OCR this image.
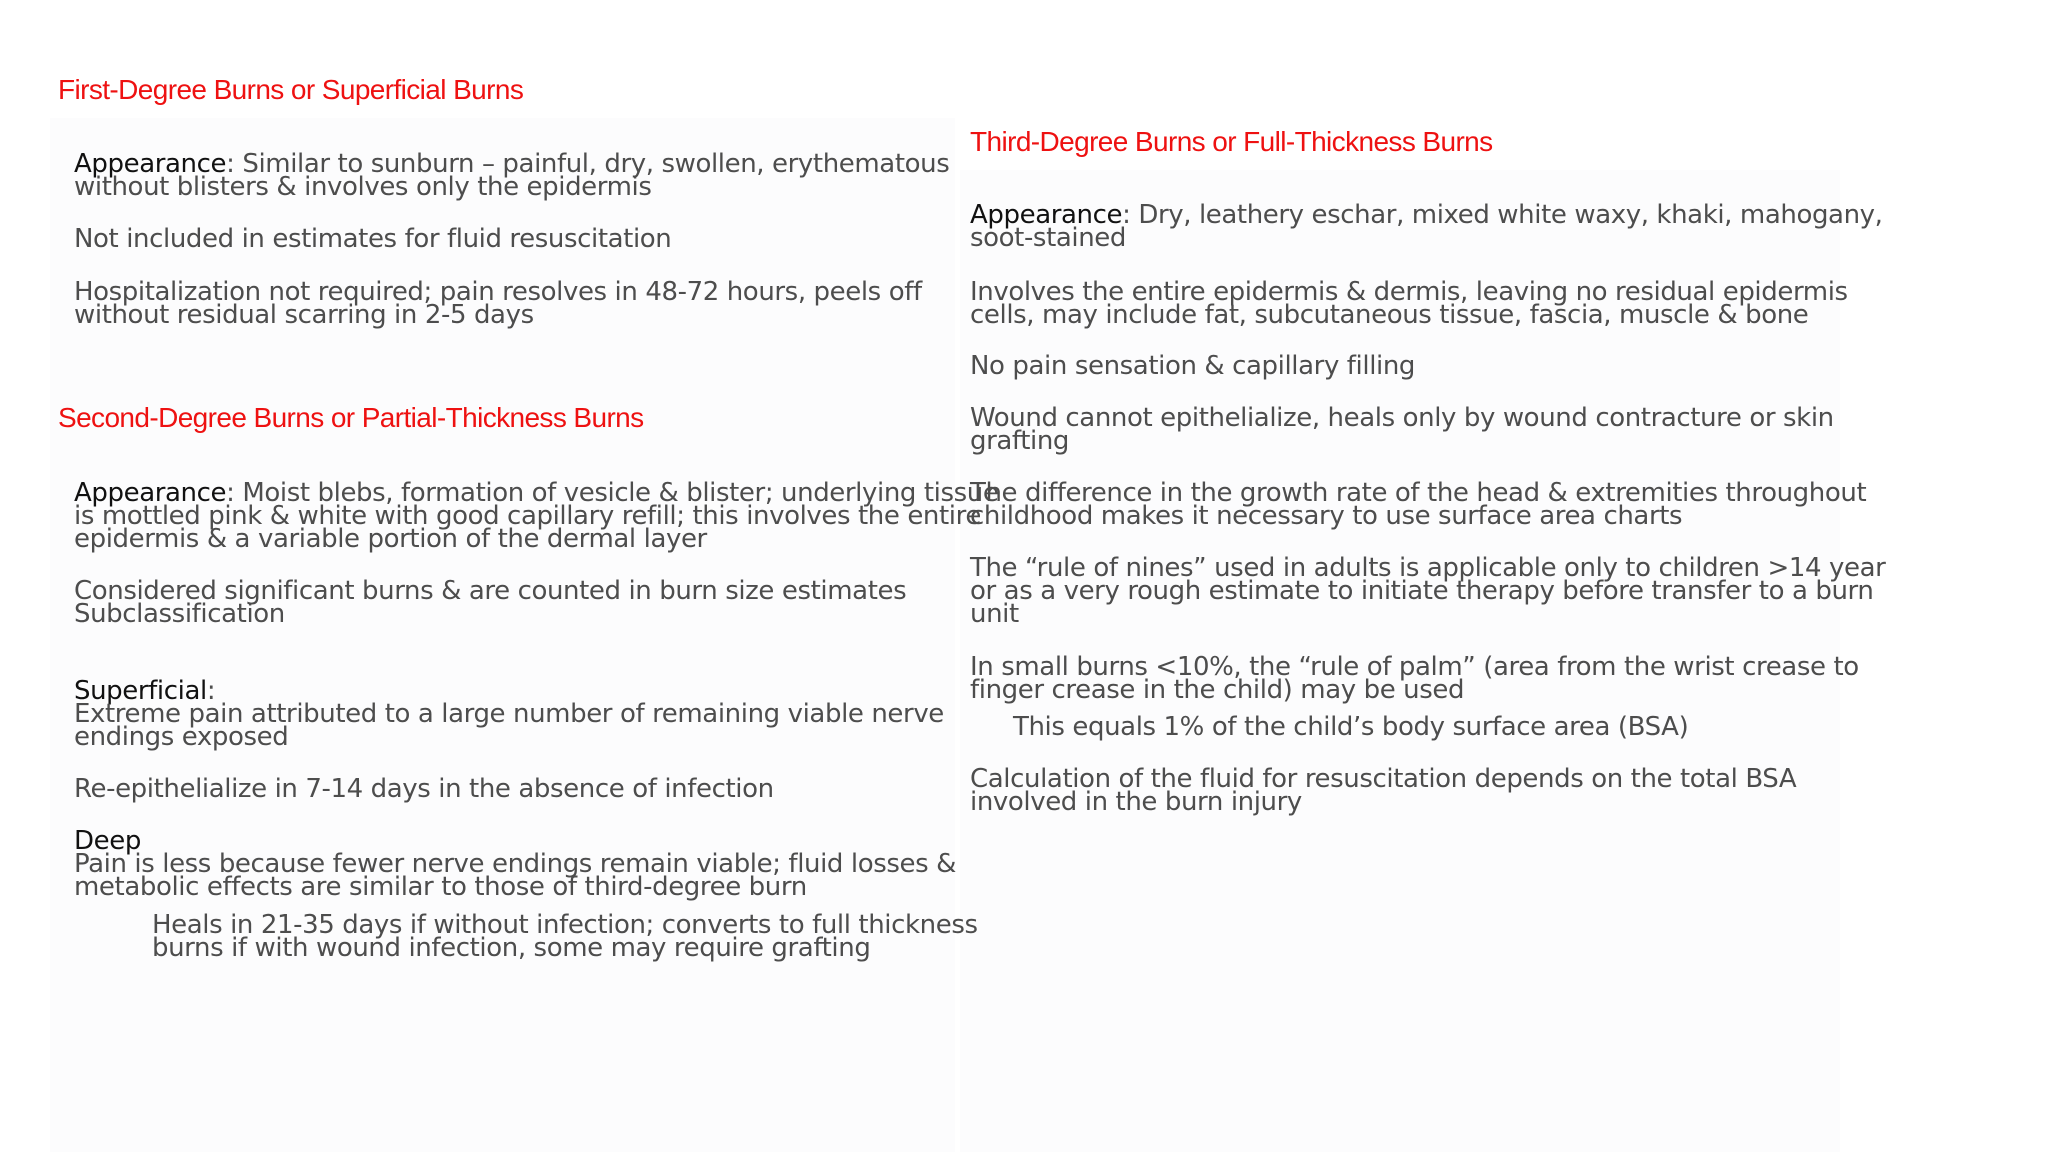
First-Degree Burns or Superficial Burns

Appearance: Similar to sunburn – painful, dry, swollen, erythematous
without blisters & involves only the epidermis

Not included in estimates for fluid resuscitation

Hospitalization not required; pain resolves in 48-72 hours, peels off
without residual scarring in 2-5 days

Second-Degree Burns or Partial-Thickness Burns

Appearance: Moist blebs, formation of vesicle & blister; underlying tissue
is mottled pink & white with good capillary refill; this involves the entire
epidermis & a variable portion of the dermal layer

Considered significant burns & are counted in burn size estimates
Subclassification

Superficial:
Extreme pain attributed to a large number of remaining viable nerve
endings exposed

Re-epithelialize in 7-14 days in the absence of infection

Deep
Pain is less because fewer nerve endings remain viable; fluid losses &
metabolic effects are similar to those of third-degree burn

Heals in 21-35 days if without infection; converts to full thickness
burns if with wound infection, some may require grafting

Third-Degree Burns or Full-Thickness Burns

Appearance: Dry, leathery eschar, mixed white waxy, khaki, mahogany,
soot-stained

Involves the entire epidermis & dermis, leaving no residual epidermis
cells, may include fat, subcutaneous tissue, fascia, muscle & bone

No pain sensation & capillary filling

Wound cannot epithelialize, heals only by wound contracture or skin
grafting

The difference in the growth rate of the head & extremities throughout
childhood makes it necessary to use surface area charts

The “rule of nines” used in adults is applicable only to children >14 year
or as a very rough estimate to initiate therapy before transfer to a burn
unit

In small burns <10%, the “rule of palm” (area from the wrist crease to
finger crease in the child) may be used

This equals 1% of the child’s body surface area (BSA)

Calculation of the fluid for resuscitation depends on the total BSA
involved in the burn injury
